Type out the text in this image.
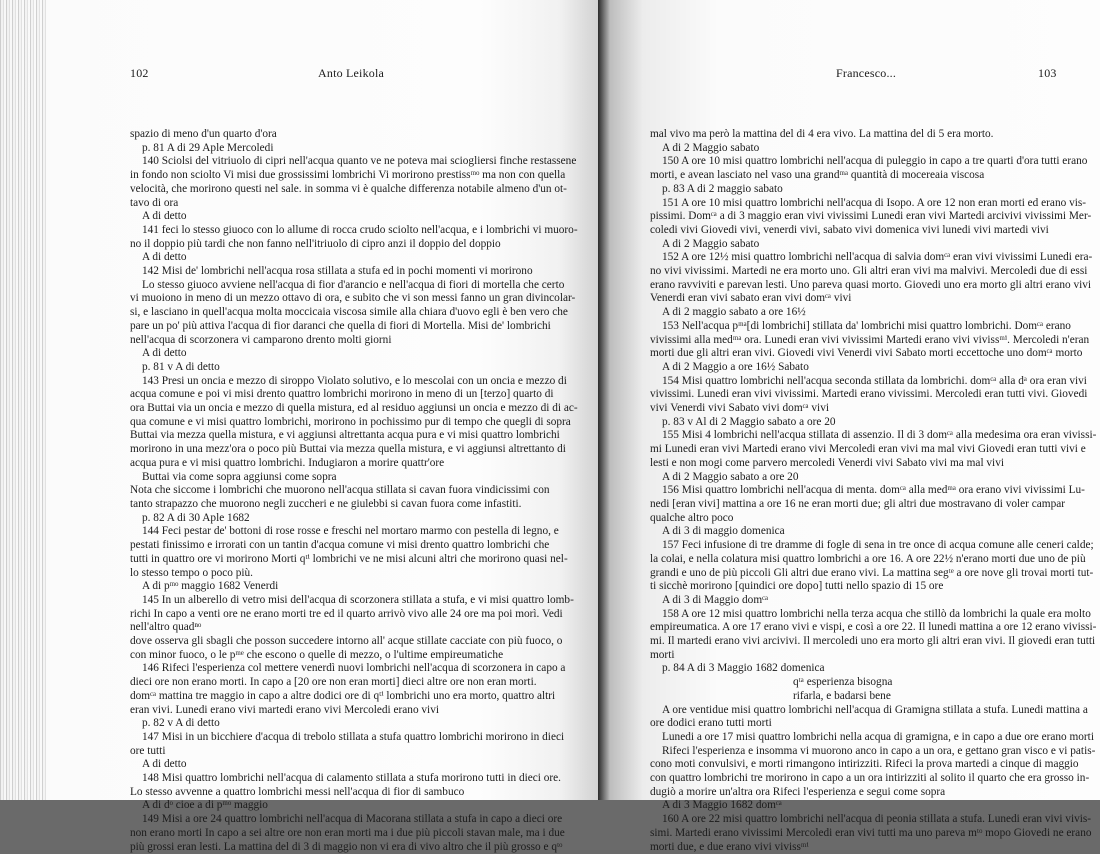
102	Anto Leikola
spazio di meno d'un quarto d'ora
p. 81 A di 29 Aple Mercoledi
140 Sciolsi del vitriuolo di cipri nell'acqua quanto ve ne poteva mai sciogliersi finche restassene
in fondo non sciolto Vi misi due grossissimi lombrichi Vi morirono prestissᵐᵒ ma non con quella
velocità, che morirono questi nel sale. in somma vi è qualche differenza notabile almeno d'un ot-
tavo di ora
A di detto
141 feci lo stesso giuoco con lo allume di rocca crudo sciolto nell'acqua, e i lombrichi vi muoro-
no il doppio più tardi che non fanno nell'itriuolo di cipro anzi il doppio del doppio
A di detto
142 Misi de' lombrichi nell'acqua rosa stillata a stufa ed in pochi momenti vi morirono
Lo stesso giuoco avviene nell'acqua di fior d'arancio e nell'acqua di fiori di mortella che certo
vi muoiono in meno di un mezzo ottavo di ora, e subito che vi son messi fanno un gran divincolar-
si, e lasciano in quell'acqua molta moccicaia viscosa simile alla chiara d'uovo egli è ben vero che
pare un po' più attiva l'acqua di fior daranci che quella di fiori di Mortella. Misi de' lombrichi
nell'acqua di scorzonera vi camparono drento molti giorni
A di detto
p. 81 v A di detto
143 Presi un oncia e mezzo di siroppo Violato solutivo, e lo mescolai con un oncia e mezzo di
acqua comune e poi vi misi drento quattro lombrichi morirono in meno di un [terzo] quarto di
ora Buttai via un oncia e mezzo di quella mistura, ed al residuo aggiunsi un oncia e mezzo di di ac-
qua comune e vi misi quattro lombrichi, morirono in pochissimo pur di tempo che quegli di sopra
Buttai via mezza quella mistura, e vi aggiunsi altrettanta acqua pura e vi misi quattro lombrichi
morirono in una mezz'ora o poco più Buttai via mezza quella mistura, e vi aggiunsi altrettanto di
acqua pura e vi misi quattro lombrichi. Indugiaron a morire quattr'ore
Buttai via come sopra aggiunsi come sopra
Nota che siccome i lombrichi che muorono nell'acqua stillata si cavan fuora vindicissimi con
tanto strapazzo che muorono negli zuccheri e ne giulebbi si cavan fuora come infastiti.
p. 82 A di 30 Aple 1682
144 Feci pestar de' bottoni di rose rosse e freschi nel mortaro marmo con pestella di legno, e
pestati finissimo e irrorati con un tantin d'acqua comune vi misi drento quattro lombrichi che
tutti in quattro ore vi morirono Morti qᵗⁱ lombrichi ve ne misi alcuni altri che morirono quasi nel-
lo stesso tempo o poco più.
A di pᵐᵒ maggio 1682 Venerdi
145 In un alberello di vetro misi dell'acqua di scorzonera stillata a stufa, e vi misi quattro lomb-
richi In capo a venti ore ne erano morti tre ed il quarto arrivò vivo alle 24 ore ma poi morì. Vedi
nell'altro quadⁿᵒ
dove osserva gli sbagli che posson succedere intorno all' acque stillate cacciate con più fuoco, o
con minor fuoco, o le pᵐᵉ che escono o quelle di mezzo, o l'ultime empireumatiche
146 Rifeci l'esperienza col mettere venerdì nuovi lombrichi nell'acqua di scorzonera in capo a
dieci ore non erano morti. In capo a [20 ore non eran morti] dieci altre ore non eran morti.
domᶜᵃ mattina tre maggio in capo a altre dodici ore di qᵗⁱ lombrichi uno era morto, quattro altri
eran vivi. Lunedi erano vivi martedi erano vivi Mercoledi erano vivi
p. 82 v A di detto
147 Misi in un bicchiere d'acqua di trebolo stillata a stufa quattro lombrichi morirono in dieci
ore tutti
A di detto
148 Misi quattro lombrichi nell'acqua di calamento stillata a stufa morirono tutti in dieci ore.
Lo stesso avvenne a quattro lombrichi messi nell'acqua di fior di sambuco
A di dᵒ cioe a di pᵐᵒ maggio
149 Misi a ore 24 quattro lombrichi nell'acqua di Macorana stillata a stufa in capo a dieci ore
non erano morti In capo a sei altre ore non eran morti ma i due più piccoli stavan male, ma i due
più grossi eran lesti. La mattina del di 3 di maggio non vi era di vivo altro che il più grosso e qᵗᵒ
Francesco...	103
mal vivo ma però la mattina del di 4 era vivo. La mattina del di 5 era morto.
A di 2 Maggio sabato
150 A ore 10 misi quattro lombrichi nell'acqua di puleggio in capo a tre quarti d'ora tutti erano
morti, e avean lasciato nel vaso una grandᵐᵃ quantità di mocereaia viscosa
p. 83 A di 2 maggio sabato
151 A ore 10 misi quattro lombrichi nell'acqua di Isopo. A ore 12 non eran morti ed erano vis-
pissimi. Domᶜᵃ a di 3 maggio eran vivi vivissimi Lunedi eran vivi Martedi arcivivi vivissimi Mer-
coledi vivi Giovedi vivi, venerdi vivi, sabato vivi domenica vivi lunedi vivi martedi vivi
A di 2 Maggio sabato
152 A ore 12½ misi quattro lombrichi nell'acqua di salvia domᶜᵃ eran vivi vivissimi Lunedi era-
no vivi vivissimi. Martedi ne era morto uno. Gli altri eran vivi ma malvivi. Mercoledi due di essi
erano ravviviti e parevan lesti. Uno pareva quasi morto. Giovedi uno era morto gli altri erano vivi
Venerdi eran vivi sabato eran vivi domᶜᵃ vivi
A di 2 maggio sabato a ore 16½
153 Nell'acqua pᵐᵃ[di lombrichi] stillata da' lombrichi misi quattro lombrichi. Domᶜᵃ erano
vivissimi alla medᵐᵃ ora. Lunedi eran vivi vivissimi Martedi erano vivi vivissᵐⁱ. Mercoledi n'eran
morti due gli altri eran vivi. Giovedi vivi Venerdi vivi Sabato morti eccettoche uno domᶜᵃ morto
A di 2 Maggio a ore 16½ Sabato
154 Misi quattro lombrichi nell'acqua seconda stillata da lombrichi. domᶜᵃ alla dᵃ ora eran vivi
vivissimi. Lunedi eran vivi vivissimi. Martedi erano vivissimi. Mercoledi eran tutti vivi. Giovedi
vivi Venerdi vivi Sabato vivi domᶜᵃ vivi
p. 83 v Al di 2 Maggio sabato a ore 20
155 Misi 4 lombrichi nell'acqua stillata di assenzio. Il di 3 domᶜᵃ alla medesima ora eran vivissi-
mi Lunedi eran vivi Martedi erano vivi Mercoledi eran vivi ma mal vivi Giovedi eran tutti vivi e
lesti e non mogi come parvero mercoledi Venerdi vivi Sabato vivi ma mal vivi
A di 2 Maggio sabato a ore 20
156 Misi quattro lombrichi nell'acqua di menta. domᶜᵃ alla medᵐᵃ ora erano vivi vivissimi Lu-
nedi [eran vivi] mattina a ore 16 ne eran morti due; gli altri due mostravano di voler campar
qualche altro poco
A di 3 di maggio domenica
157 Feci infusione di tre dramme di fogle di sena in tre once di acqua comune alle ceneri calde;
la colai, e nella colatura misi quattro lombrichi a ore 16. A ore 22½ n'erano morti due uno de più
grandi e uno de più piccoli Gli altri due erano vivi. La mattina segᵗᵉ a ore nove gli trovai morti tut-
ti sicchè morirono [quindici ore dopo] tutti nello spazio di 15 ore
A di 3 di Maggio domᶜᵃ
158 A ore 12 misi quattro lombrichi nella terza acqua che stillò da lombrichi la quale era molto
empireumatica. A ore 17 erano vivi e vispi, e così a ore 22. Il lunedi mattina a ore 12 erano vivissi-
mi. Il martedi erano vivi arcivivi. Il mercoledi uno era morto gli altri eran vivi. Il giovedi eran tutti
morti
p. 84 A di 3 Maggio 1682 domenica
qᵗᵃ esperienza bisogna
rifarla, e badarsi bene
A ore ventidue misi quattro lombrichi nell'acqua di Gramigna stillata a stufa. Lunedi mattina a
ore dodici erano tutti morti
Lunedi a ore 17 misi quattro lombrichi nella acqua di gramigna, e in capo a due ore erano morti
Rifeci l'esperienza e insomma vi muorono anco in capo a un ora, e gettano gran visco e vi patis-
cono moti convulsivi, e morti rimangono intirizziti. Rifeci la prova martedi a cinque di maggio
con quattro lombrichi tre morirono in capo a un ora intirizziti al solito il quarto che era grosso in-
dugiò a morire un'altra ora Rifeci l'esperienza e segui come sopra
A di 3 Maggio 1682 domᶜᵃ
160 A ore 22 misi quattro lombrichi nell'acqua di peonia stillata a stufa. Lunedi eran vivi vivis-
simi. Martedi erano vivissimi Mercoledi eran vivi tutti ma uno pareva mᵗᵒ mopo Giovedi ne erano
morti due, e due erano vivi vivissᵐⁱ
